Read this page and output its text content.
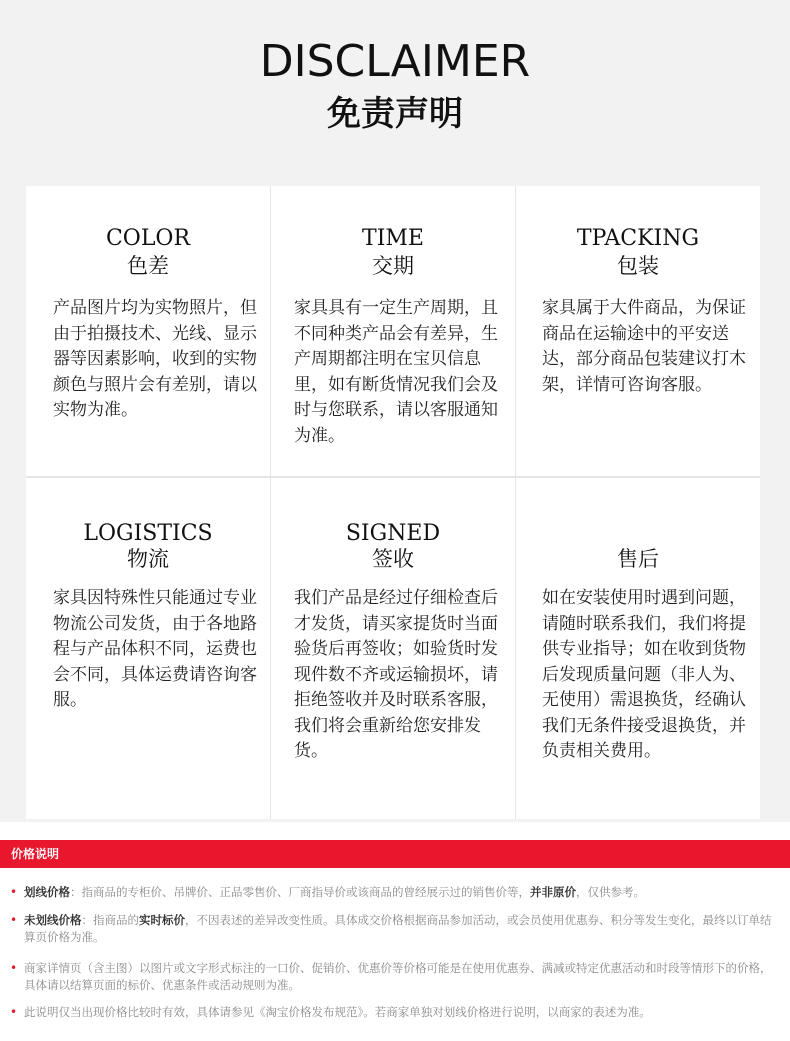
DISCLAIMER
免责声明
COLOR
色差
产品图片均为实物照片，但由于拍摄技术、光线、显示器等因素影响，收到的实物颜色与照片会有差别，请以实物为准。
TIME
交期
家具具有一定生产周期，且不同种类产品会有差异，生产周期都注明在宝贝信息里，如有断货情况我们会及时与您联系，请以客服通知为准。
TPACKING
包装
家具属于大件商品，为保证商品在运输途中的平安送达，部分商品包装建议打木架，详情可咨询客服。
LOGISTICS
物流
家具因特殊性只能通过专业物流公司发货，由于各地路程与产品体积不同，运费也会不同，具体运费请咨询客服。
SIGNED
签收
我们产品是经过仔细检查后才发货，请买家提货时当面验货后再签收；如验货时发现件数不齐或运输损坏，请拒绝签收并及时联系客服，我们将会重新给您安排发货。
售后
如在安装使用时遇到问题，请随时联系我们，我们将提供专业指导；如在收到货物后发现质量问题（非人为、无使用）需退换货，经确认我们无条件接受退换货，并负责相关费用。
价格说明
• 划线价格：指商品的专柜价、吊牌价、正品零售价、厂商指导价或该商品的曾经展示过的销售价等，并非原价，仅供参考。
• 未划线价格：指商品的实时标价，不因表述的差异改变性质。具体成交价格根据商品参加活动，或会员使用优惠券、积分等发生变化，最终以订单结算页价格为准。
• 商家详情页（含主图）以图片或文字形式标注的一口价、促销价、优惠价等价格可能是在使用优惠券、满减或特定优惠活动和时段等情形下的价格，具体请以结算页面的标价、优惠条件或活动规则为准。
• 此说明仅当出现价格比较时有效，具体请参见《淘宝价格发布规范》。若商家单独对划线价格进行说明，以商家的表述为准。
